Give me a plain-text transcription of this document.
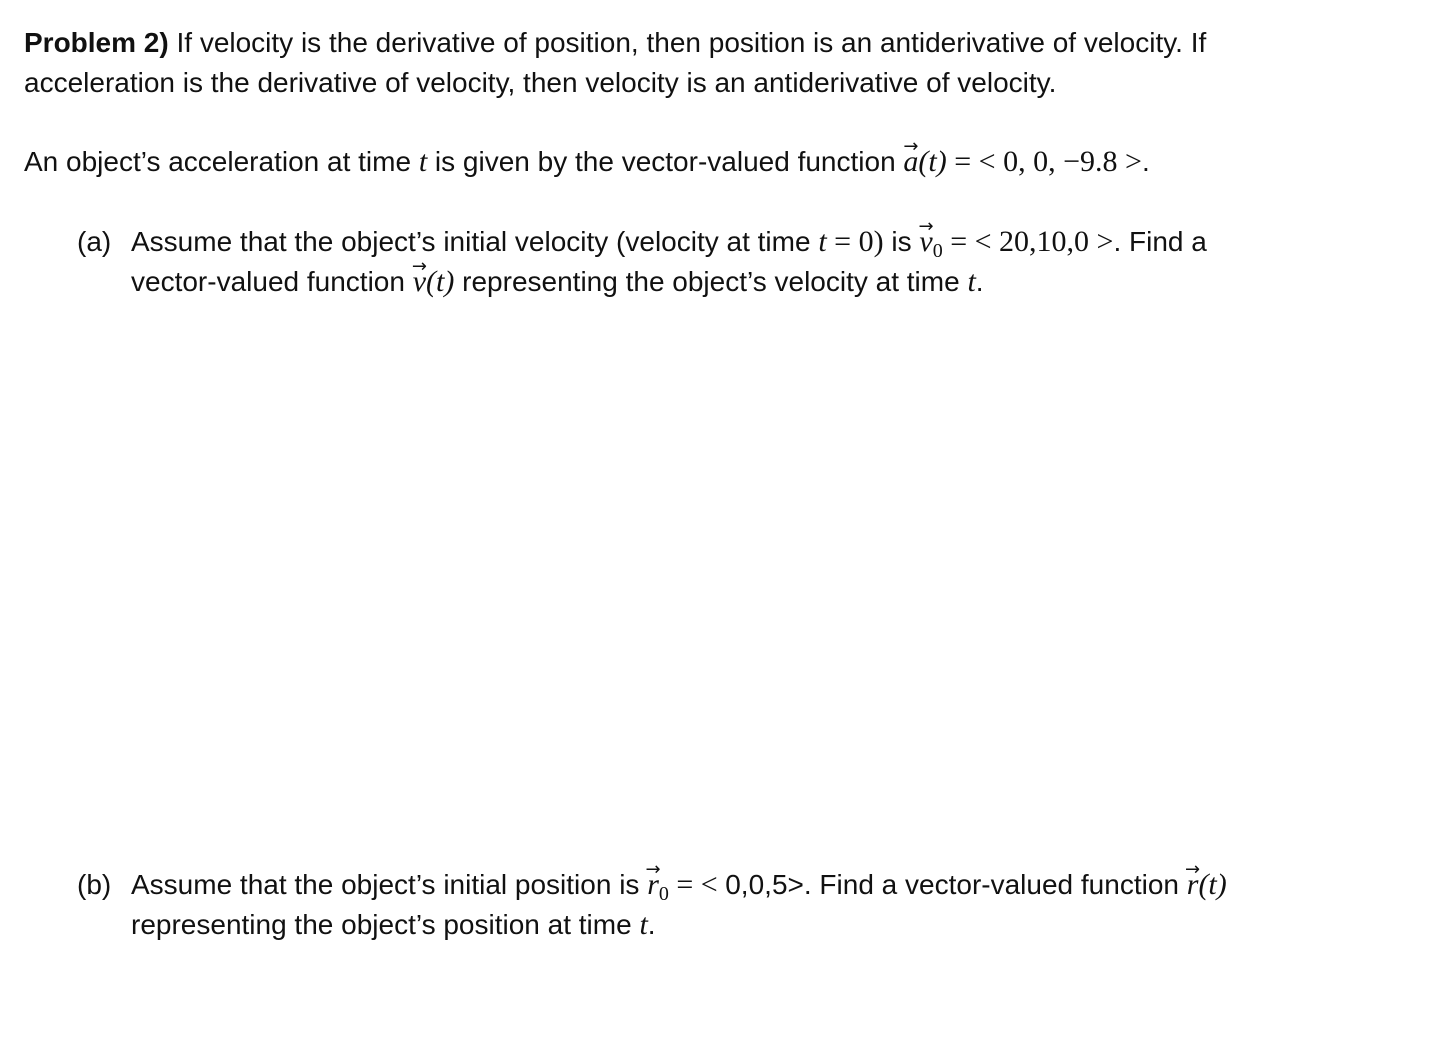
Problem 2) If velocity is the derivative of position, then position is an antiderivative of velocity. If
acceleration is the derivative of velocity, then velocity is an antiderivative of velocity.
An object’s acceleration at time t is given by the vector-valued function → a(t) = < 0, 0, −9.8 >.
(a) Assume that the object’s initial velocity (velocity at time t = 0) is → $v_0$ = < 20,10,0 >. Find a
vector-valued function → v(t) representing the object’s velocity at time t.
(b) Assume that the object’s initial position is → $r_0$ = < 0,0,5>. Find a vector-valued function → r(t)
representing the object’s position at time t.
